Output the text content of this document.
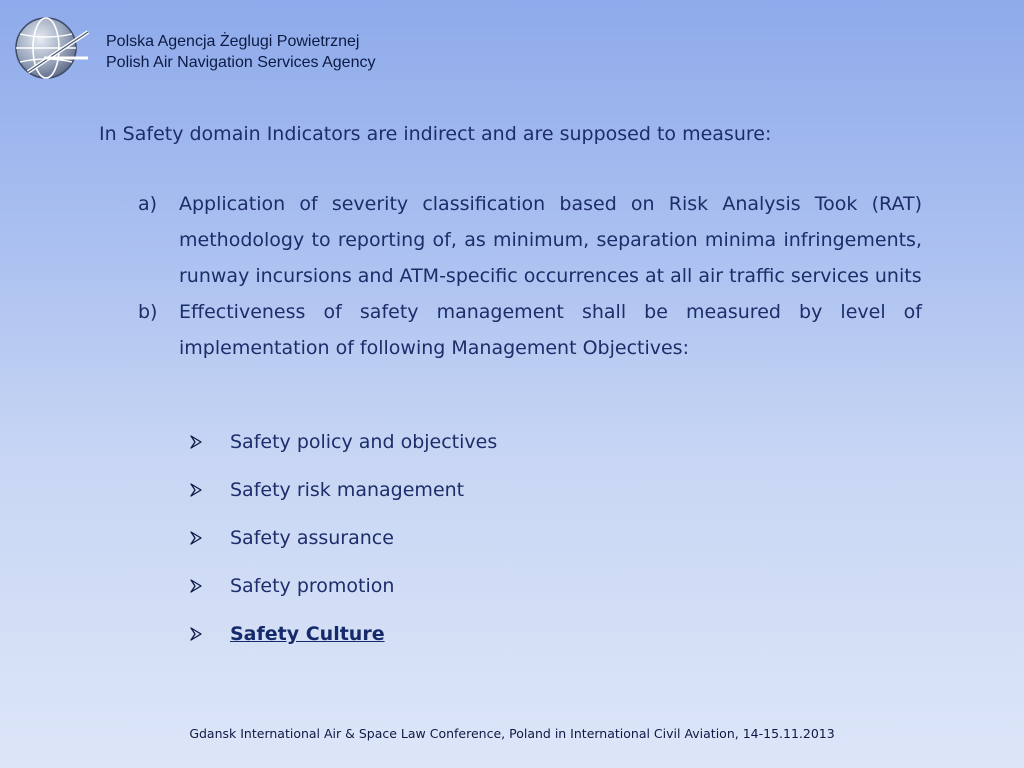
Polska Agencja Żeglugi Powietrznej
Polish Air Navigation Services Agency
In Safety domain Indicators are indirect and are supposed to measure:
a) Application of severity classification based on Risk Analysis Took (RAT) methodology to reporting of, as minimum, separation minima infringements, runway incursions and ATM-specific occurrences at all air traffic services units
b) Effectiveness of safety management shall be measured by level of implementation of following Management Objectives:
Safety policy and objectives
Safety risk management
Safety assurance
Safety promotion
Safety Culture
Gdansk International Air & Space Law Conference, Poland in International Civil Aviation, 14-15.11.2013
